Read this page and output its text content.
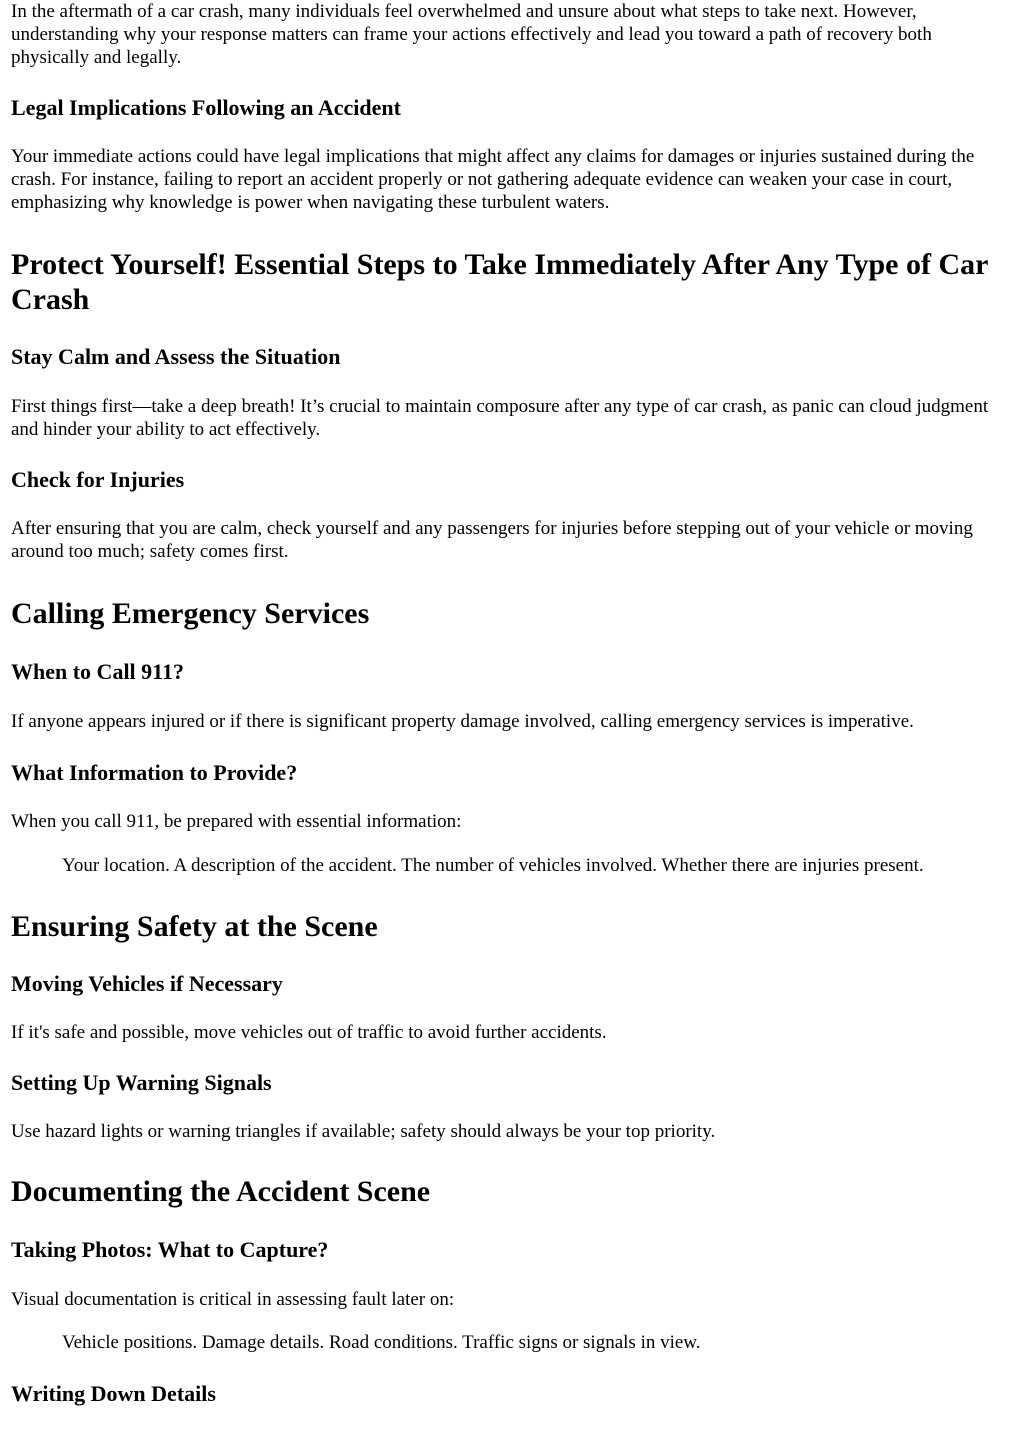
In the aftermath of a car crash, many individuals feel overwhelmed and unsure about what steps to take next. However, understanding why your response matters can frame your actions effectively and lead you toward a path of recovery both physically and legally.

Legal Implications Following an Accident

Your immediate actions could have legal implications that might affect any claims for damages or injuries sustained during the crash. For instance, failing to report an accident properly or not gathering adequate evidence can weaken your case in court, emphasizing why knowledge is power when navigating these turbulent waters.

Protect Yourself! Essential Steps to Take Immediately After Any Type of Car Crash
Stay Calm and Assess the Situation

First things first—take a deep breath! It’s crucial to maintain composure after any type of car crash, as panic can cloud judgment and hinder your ability to act effectively.

Check for Injuries

After ensuring that you are calm, check yourself and any passengers for injuries before stepping out of your vehicle or moving around too much; safety comes first.

Calling Emergency Services
When to Call 911?

If anyone appears injured or if there is significant property damage involved, calling emergency services is imperative.

What Information to Provide?

When you call 911, be prepared with essential information:

Your location. A description of the accident. The number of vehicles involved. Whether there are injuries present.

Ensuring Safety at the Scene
Moving Vehicles if Necessary

If it's safe and possible, move vehicles out of traffic to avoid further accidents.

Setting Up Warning Signals

Use hazard lights or warning triangles if available; safety should always be your top priority.

Documenting the Accident Scene
Taking Photos: What to Capture?

Visual documentation is critical in assessing fault later on:

Vehicle positions. Damage details. Road conditions. Traffic signs or signals in view.

Writing Down Details
